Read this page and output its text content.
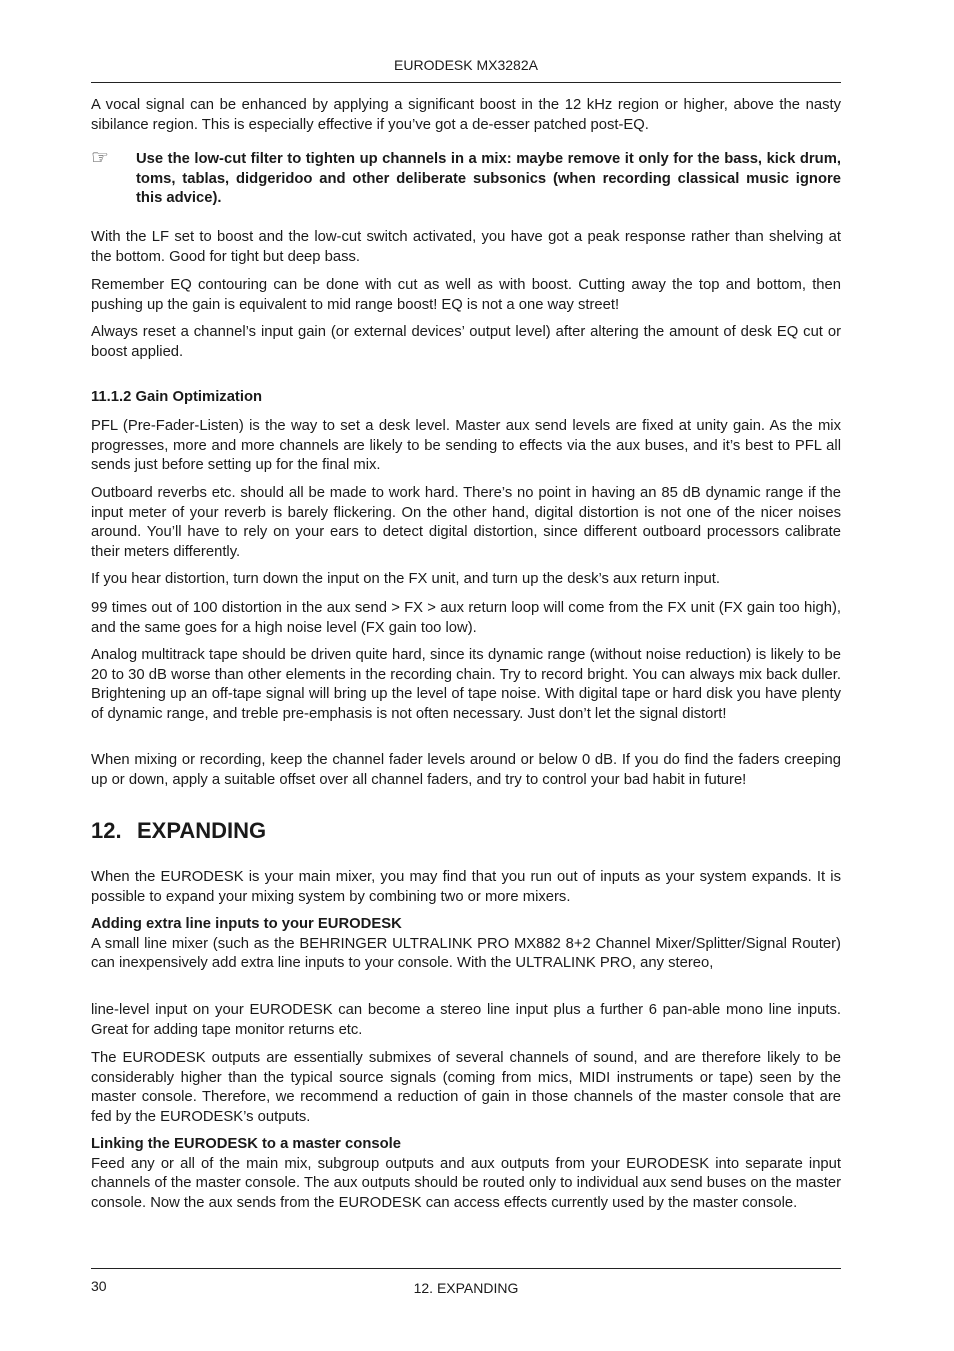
EURODESK MX3282A

A vocal signal can be enhanced by applying a significant boost in the 12 kHz region or higher, above the nasty sibilance region. This is especially effective if you’ve got a de-esser patched post-EQ.

☞ Use the low-cut filter to tighten up channels in a mix: maybe remove it only for the bass, kick drum, toms, tablas, didgeridoo and other deliberate subsonics (when recording classical music ignore this advice).

With the LF set to boost and the low-cut switch activated, you have got a peak response rather than shelving at the bottom. Good for tight but deep bass.

Remember EQ contouring can be done with cut as well as with boost. Cutting away the top and bottom, then pushing up the gain is equivalent to mid range boost! EQ is not a one way street!

Always reset a channel’s input gain (or external devices’ output level) after altering the amount of desk EQ cut or boost applied.

11.1.2 Gain Optimization

PFL (Pre-Fader-Listen) is the way to set a desk level. Master aux send levels are fixed at unity gain. As the mix progresses, more and more channels are likely to be sending to effects via the aux buses, and it’s best to PFL all sends just before setting up for the final mix.

Outboard reverbs etc. should all be made to work hard. There’s no point in having an 85 dB dynamic range if the input meter of your reverb is barely flickering. On the other hand, digital distortion is not one of the nicer noises around. You’ll have to rely on your ears to detect digital distortion, since different outboard processors calibrate their meters differently.

If you hear distortion, turn down the input on the FX unit, and turn up the desk’s aux return input.

99 times out of 100 distortion in the aux send > FX > aux return loop will come from the FX unit (FX gain too high), and the same goes for a high noise level (FX gain too low).

Analog multitrack tape should be driven quite hard, since its dynamic range (without noise reduction) is likely to be 20 to 30 dB worse than other elements in the recording chain. Try to record bright. You can always mix back duller. Brightening up an off-tape signal will bring up the level of tape noise. With digital tape or hard disk you have plenty of dynamic range, and treble pre-emphasis is not often necessary. Just don’t let the signal distort!

When mixing or recording, keep the channel fader levels around or below 0 dB. If you do find the faders creeping up or down, apply a suitable offset over all channel faders, and try to control your bad habit in future!

12. EXPANDING

When the EURODESK is your main mixer, you may find that you run out of inputs as your system expands. It is possible to expand your mixing system by combining two or more mixers.

Adding extra line inputs to your EURODESK

A small line mixer (such as the BEHRINGER ULTRALINK PRO MX882 8+2 Channel Mixer/Splitter/Signal Router) can inexpensively add extra line inputs to your console. With the ULTRALINK PRO, any stereo,

line-level input on your EURODESK can become a stereo line input plus a further 6 pan-able mono line inputs. Great for adding tape monitor returns etc.

The EURODESK outputs are essentially submixes of several channels of sound, and are therefore likely to be considerably higher than the typical source signals (coming from mics, MIDI instruments or tape) seen by the master console. Therefore, we recommend a reduction of gain in those channels of the master console that are fed by the EURODESK’s outputs.

Linking the EURODESK to a master console

Feed any or all of the main mix, subgroup outputs and aux outputs from your EURODESK into separate input channels of the master console. The aux outputs should be routed only to individual aux send buses on the master console. Now the aux sends from the EURODESK can access effects currently used by the master console.

30	12. EXPANDING
